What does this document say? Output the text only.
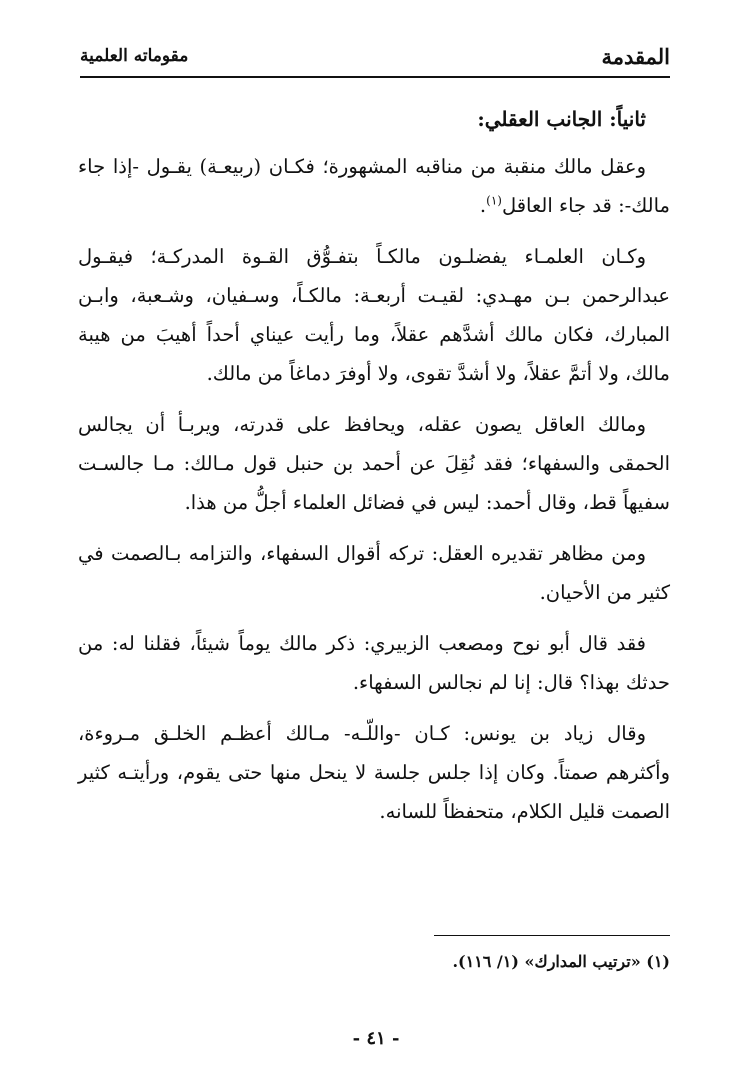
المقدمة
مقوماته العلمية

ثانياً: الجانب العقلي:

وعقل مالك منقبة من مناقبه المشهورة؛ فكـان (ربيعـة) يقـول -إذا جاء مالك-: قد جاء العاقل$^{(١)}$.

وكـان العلمـاء يفضلـون مالكـاً بتفـوُّق القـوة المدركـة؛ فيقـول عبدالرحمن بـن مهـدي: لقيـت أربعـة: مالكـاً، وسـفيان، وشـعبة، وابـن المبارك، فكان مالك أشدَّهم عقلاً، وما رأيت عيناي أحداً أهيبَ من هيبة مالك، ولا أتمَّ عقلاً، ولا أشدَّ تقوى، ولا أوفرَ دماغاً من مالك.

ومالك العاقل يصون عقله، ويحافظ على قدرته، ويربـأ أن يجالس الحمقى والسفهاء؛ فقد نُقِلَ عن أحمد بن حنبل قول مـالك: مـا جالسـت سفيهاً قط، وقال أحمد: ليس في فضائل العلماء أجلُّ من هذا.

ومن مظاهر تقديره العقل: تركه أقوال السفهاء، والتزامه بـالصمت في كثير من الأحيان.

فقد قال أبو نوح ومصعب الزبيري: ذكر مالك يوماً شيئاً، فقلنا له: من حدثك بهذا؟ قال: إنا لم نجالس السفهاء.

وقال زياد بن يونس: كـان -واللّـه- مـالك أعظـم الخلـق مـروءة، وأكثرهم صمتاً. وكان إذا جلس جلسة لا ينحل منها حتى يقوم، ورأيتـه كثير الصمت قليل الكلام، متحفظاً للسانه.

(١) «ترتيب المدارك» (١/ ١١٦).
- ٤١ -
